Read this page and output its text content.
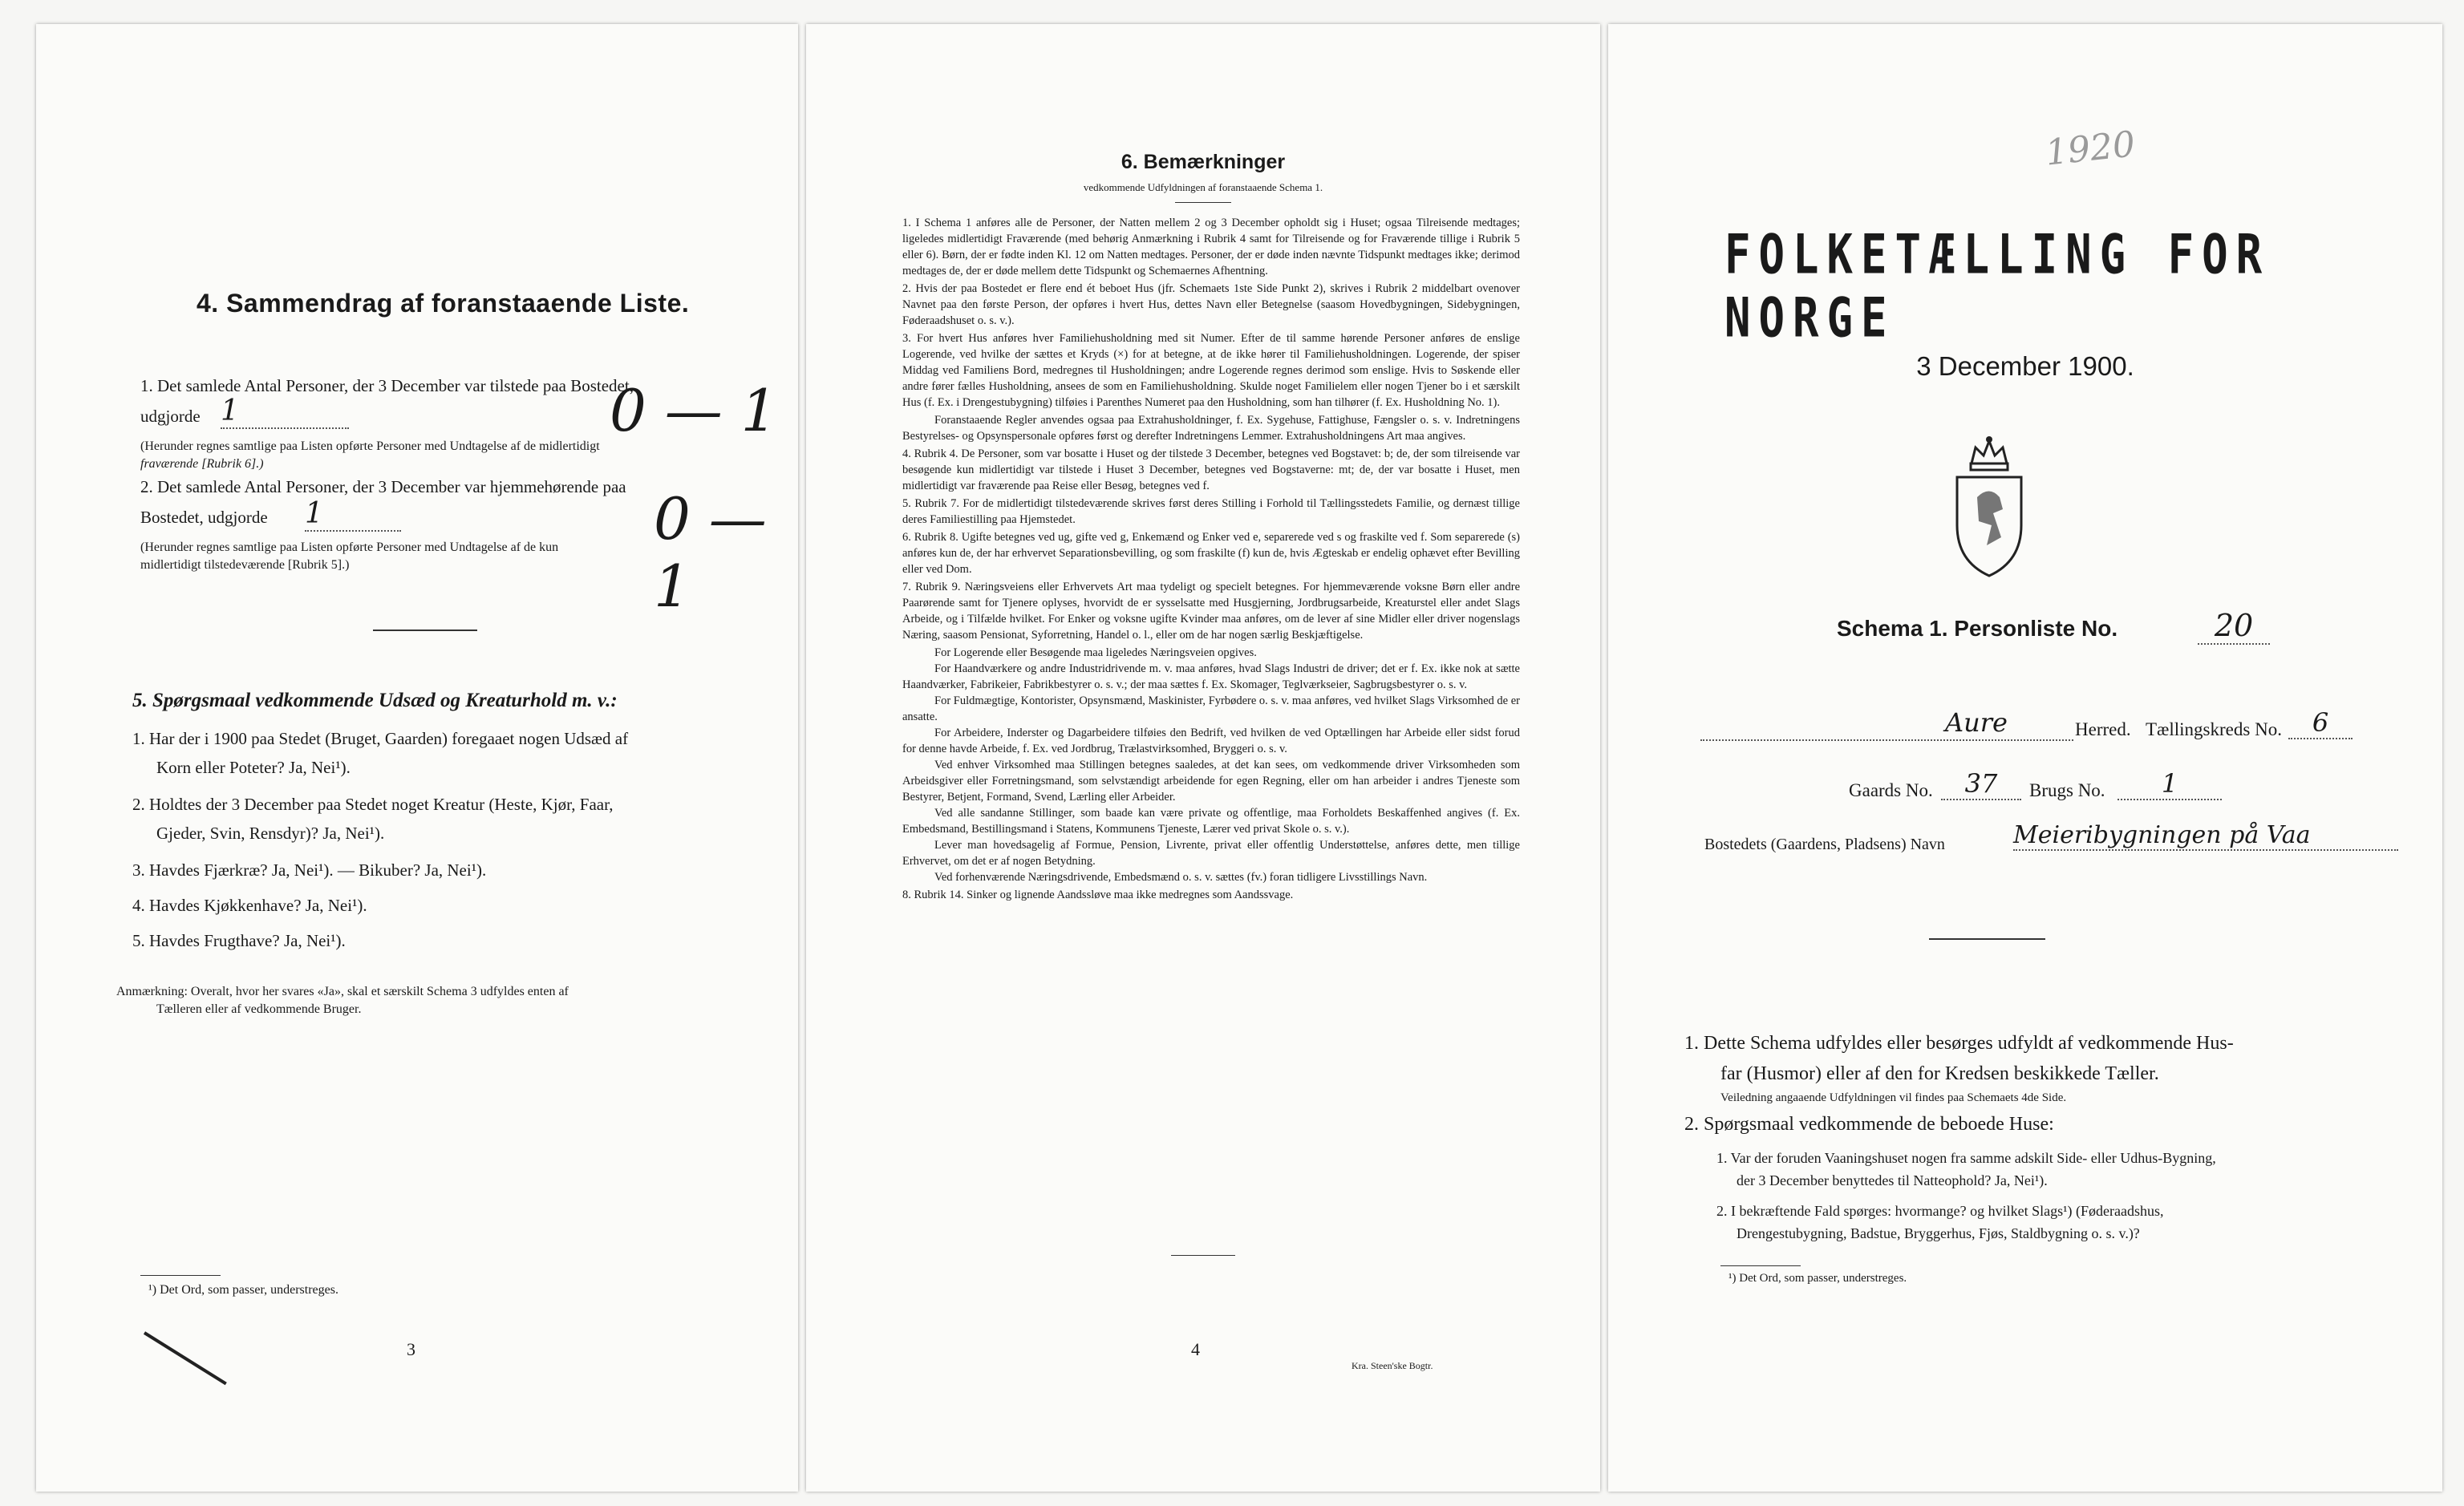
4. Sammendrag af foranstaaende Liste.
1. Det samlede Antal Personer, der 3 December var tilstede paa Bostedet,
udgjorde 1	0 — 1
(Herunder regnes samtlige paa Listen opførte Personer med Undtagelse af de midlertidigt
fraværende [Rubrik 6].)
2. Det samlede Antal Personer, der 3 December var hjemmehørende paa
Bostedet, udgjorde 1	0 — 1
(Herunder regnes samtlige paa Listen opførte Personer med Undtagelse af de kun
midlertidigt tilstedeværende [Rubrik 5].)
5. Spørgsmaal vedkommende Udsæd og Kreaturhold m. v.:
1. Har der i 1900 paa Stedet (Bruget, Gaarden) foregaaet nogen Udsæd af
Korn eller Poteter? Ja, Nei¹).
2. Holdtes der 3 December paa Stedet noget Kreatur (Heste, Kjør, Faar,
Gjeder, Svin, Rensdyr)? Ja, Nei¹).
3. Havdes Fjærkræ? Ja, Nei¹). — Bikuber? Ja, Nei¹).
4. Havdes Kjøkkenhave? Ja, Nei¹).
5. Havdes Frugthave? Ja, Nei¹).
Anmærkning: Overalt, hvor her svares «Ja», skal et særskilt Schema 3 udfyldes enten af
Tælleren eller af vedkommende Bruger.
¹) Det Ord, som passer, understreges.
3
6. Bemærkninger
vedkommende Udfyldningen af foranstaaende Schema 1.

1. I Schema 1 anføres alle de Personer, der Natten mellem 2 og 3 December opholdt sig i Huset; ogsaa Tilreisende medtages; ligeledes midlertidigt Fraværende (med behørig Anmærkning i Rubrik 4 samt for Tilreisende og for Fraværende tillige i Rubrik 5 eller 6). Børn, der er fødte inden Kl. 12 om Natten medtages. Personer, der er døde inden nævnte Tidspunkt medtages ikke; derimod medtages de, der er døde mellem dette Tidspunkt og Schemaernes Afhentning.

2. Hvis der paa Bostedet er flere end ét beboet Hus (jfr. Schemaets 1ste Side Punkt 2), skrives i Rubrik 2 middelbart ovenover Navnet paa den første Person, der opføres i hvert Hus, dettes Navn eller Betegnelse (saasom Hovedbygningen, Sidebygningen, Føderaadshuset o. s. v.).

3. For hvert Hus anføres hver Familiehusholdning med sit Numer. Efter de til samme hørende Personer anføres de enslige Logerende, ved hvilke der sættes et Kryds (×) for at betegne, at de ikke hører til Familiehusholdningen. Logerende, der spiser Middag ved Familiens Bord, medregnes til Husholdningen; andre Logerende regnes derimod som enslige. Hvis to Søskende eller andre fører fælles Husholdning, ansees de som en Familiehusholdning. Skulde noget Familielem eller nogen Tjener bo i et særskilt Hus (f. Ex. i Drengestubygning) tilføies i Parenthes Numeret paa den Husholdning, som han tilhører (f. Ex. Husholdning No. 1).

Foranstaaende Regler anvendes ogsaa paa Extrahusholdninger, f. Ex. Sygehuse, Fattighuse, Fængsler o. s. v. Indretningens Bestyrelses- og Opsynspersonale opføres først og derefter Indretningens Lemmer. Extrahusholdningens Art maa angives.

4. Rubrik 4. De Personer, som var bosatte i Huset og der tilstede 3 December, betegnes ved Bogstavet: b; de, der som tilreisende var besøgende kun midlertidigt var tilstede i Huset 3 December, betegnes ved Bogstaverne: mt; de, der var bosatte i Huset, men midlertidigt var fraværende paa Reise eller Besøg, betegnes ved f.

5. Rubrik 7. For de midlertidigt tilstedeværende skrives først deres Stilling i Forhold til Tællingsstedets Familie, og dernæst tillige deres Familiestilling paa Hjemstedet.

6. Rubrik 8. Ugifte betegnes ved ug, gifte ved g, Enkemænd og Enker ved e, separerede ved s og fraskilte ved f. Som separerede (s) anføres kun de, der har erhvervet Separationsbevilling, og som fraskilte (f) kun de, hvis Ægteskab er endelig ophævet efter Bevilling eller ved Dom.

7. Rubrik 9. Næringsveiens eller Erhvervets Art maa tydeligt og specielt betegnes. For hjemmeværende voksne Børn eller andre Paarørende samt for Tjenere oplyses, hvorvidt de er sysselsatte med Husgjerning, Jordbrugsarbeide, Kreaturstel eller andet Slags Arbeide, og i Tilfælde hvilket. For Enker og voksne ugifte Kvinder maa anføres, om de lever af sine Midler eller driver nogenslags Næring, saasom Pensionat, Syforretning, Handel o. l., eller om de har nogen særlig Beskjæftigelse.

For Logerende eller Besøgende maa ligeledes Næringsveien opgives.

For Haandværkere og andre Industridrivende m. v. maa anføres, hvad Slags Industri de driver; det er f. Ex. ikke nok at sætte Haandværker, Fabrikeier, Fabrikbestyrer o. s. v.; der maa sættes f. Ex. Skomager, Teglværkseier, Sagbrugsbestyrer o. s. v.

For Fuldmægtige, Kontorister, Opsynsmænd, Maskinister, Fyrbødere o. s. v. maa anføres, ved hvilket Slags Virksomhed de er ansatte.

For Arbeidere, Inderster og Dagarbeidere tilføies den Bedrift, ved hvilken de ved Optællingen har Arbeide eller sidst forud for denne havde Arbeide, f. Ex. ved Jordbrug, Trælastvirksomhed, Bryggeri o. s. v.

Ved enhver Virksomhed maa Stillingen betegnes saaledes, at det kan sees, om vedkommende driver Virksomheden som Arbeidsgiver eller Forretningsmand, som selvstændigt arbeidende for egen Regning, eller om han arbeider i andres Tjeneste som Bestyrer, Betjent, Formand, Svend, Lærling eller Arbeider.

Ved alle sandanne Stillinger, som baade kan være private og offentlige, maa Forholdets Beskaffenhed angives (f. Ex. Embedsmand, Bestillingsmand i Statens, Kommunens Tjeneste, Lærer ved privat Skole o. s. v.).

Lever man hovedsagelig af Formue, Pension, Livrente, privat eller offentlig Understøttelse, anføres dette, men tillige Erhvervet, om det er af nogen Betydning.

Ved forhenværende Næringsdrivende, Embedsmænd o. s. v. sættes (fv.) foran tidligere Livsstillings Navn.

8. Rubrik 14. Sinker og lignende Aandssløve maa ikke medregnes som Aandssvage.

4
Kra. Steen'ske Bogtr.
1920
FOLKETÆLLING FOR NORGE
3 December 1900.
Schema 1. Personliste No.	20
Aure	Herred. Tællingskreds No.	6
Gaards No.	37	Brugs No.	1
Bostedets (Gaardens, Pladsens) Navn	Meieribygningen på Vaa
1. Dette Schema udfyldes eller besørges udfyldt af vedkommende Hus-
far (Husmor) eller af den for Kredsen beskikkede Tæller.
Veiledning angaaende Udfyldningen vil findes paa Schemaets 4de Side.
2. Spørgsmaal vedkommende de beboede Huse:
1. Var der foruden Vaaningshuset nogen fra samme adskilt Side- eller Udhus-Bygning,
der 3 December benyttedes til Natteophold? Ja, Nei¹).
2. I bekræftende Fald spørges: hvormange? og hvilket Slags¹) (Føderaadshus,
Drengestubygning, Badstue, Bryggerhus, Fjøs, Staldbygning o. s. v.)?
¹) Det Ord, som passer, understreges.
